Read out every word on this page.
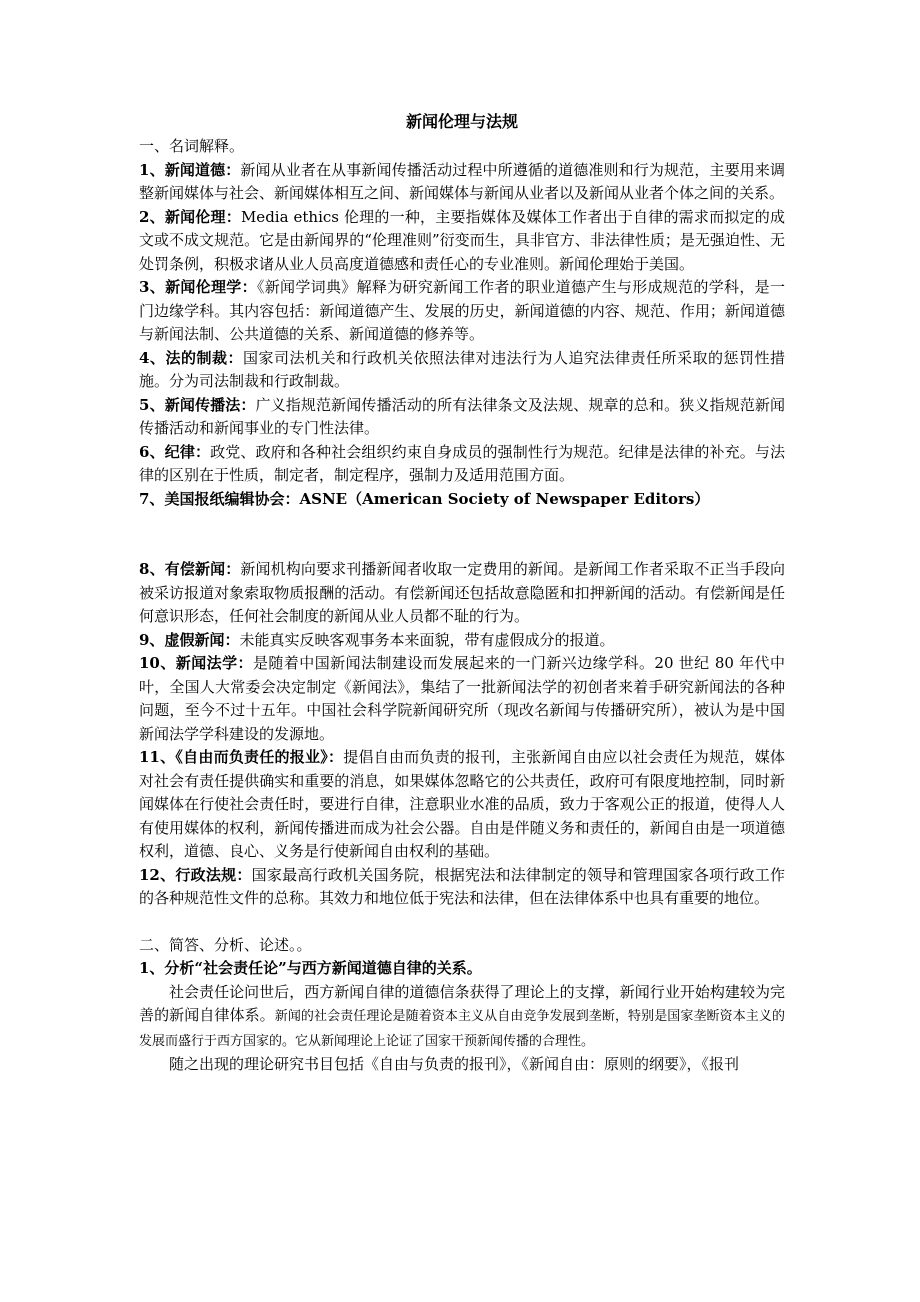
新闻伦理与法规

一、名词解释。

1、新闻道德：新闻从业者在从事新闻传播活动过程中所遵循的道德准则和行为规范，主要用来调整新闻媒体与社会、新闻媒体相互之间、新闻媒体与新闻从业者以及新闻从业者个体之间的关系。

2、新闻伦理：Media ethics 伦理的一种，主要指媒体及媒体工作者出于自律的需求而拟定的成文或不成文规范。它是由新闻界的“伦理准则”衍变而生，具非官方、非法律性质；是无强迫性、无处罚条例，积极求诸从业人员高度道德感和责任心的专业准则。新闻伦理始于美国。

3、新闻伦理学：《新闻学词典》解释为研究新闻工作者的职业道德产生与形成规范的学科，是一门边缘学科。其内容包括：新闻道德产生、发展的历史，新闻道德的内容、规范、作用；新闻道德与新闻法制、公共道德的关系、新闻道德的修养等。

4、法的制裁：国家司法机关和行政机关依照法律对违法行为人追究法律责任所采取的惩罚性措施。分为司法制裁和行政制裁。

5、新闻传播法：广义指规范新闻传播活动的所有法律条文及法规、规章的总和。狭义指规范新闻传播活动和新闻事业的专门性法律。

6、纪律：政党、政府和各种社会组织约束自身成员的强制性行为规范。纪律是法律的补充。与法律的区别在于性质，制定者，制定程序，强制力及适用范围方面。

7、美国报纸编辑协会：ASNE（American Society of Newspaper Editors）

8、有偿新闻：新闻机构向要求刊播新闻者收取一定费用的新闻。是新闻工作者采取不正当手段向被采访报道对象索取物质报酬的活动。有偿新闻还包括故意隐匿和扣押新闻的活动。有偿新闻是任何意识形态，任何社会制度的新闻从业人员都不耻的行为。

9、虚假新闻：未能真实反映客观事务本来面貌，带有虚假成分的报道。

10、新闻法学：是随着中国新闻法制建设而发展起来的一门新兴边缘学科。20 世纪 80 年代中叶，全国人大常委会决定制定《新闻法》，集结了一批新闻法学的初创者来着手研究新闻法的各种问题，至今不过十五年。中国社会科学院新闻研究所（现改名新闻与传播研究所），被认为是中国新闻法学学科建设的发源地。

11、《自由而负责任的报业》：提倡自由而负责的报刊，主张新闻自由应以社会责任为规范，媒体对社会有责任提供确实和重要的消息，如果媒体忽略它的公共责任，政府可有限度地控制，同时新闻媒体在行使社会责任时，要进行自律，注意职业水准的品质，致力于客观公正的报道，使得人人有使用媒体的权利，新闻传播进而成为社会公器。自由是伴随义务和责任的，新闻自由是一项道德权利，道德、良心、义务是行使新闻自由权利的基础。

12、行政法规：国家最高行政机关国务院，根据宪法和法律制定的领导和管理国家各项行政工作的各种规范性文件的总称。其效力和地位低于宪法和法律，但在法律体系中也具有重要的地位。

二、简答、分析、论述。。

1、分析“社会责任论”与西方新闻道德自律的关系。

社会责任论问世后，西方新闻自律的道德信条获得了理论上的支撑，新闻行业开始构建较为完善的新闻自律体系。新闻的社会责任理论是随着资本主义从自由竞争发展到垄断，特别是国家垄断资本主义的发展而盛行于西方国家的。它从新闻理论上论证了国家干预新闻传播的合理性。

随之出现的理论研究书目包括《自由与负责的报刊》，《新闻自由：原则的纲要》，《报刊
